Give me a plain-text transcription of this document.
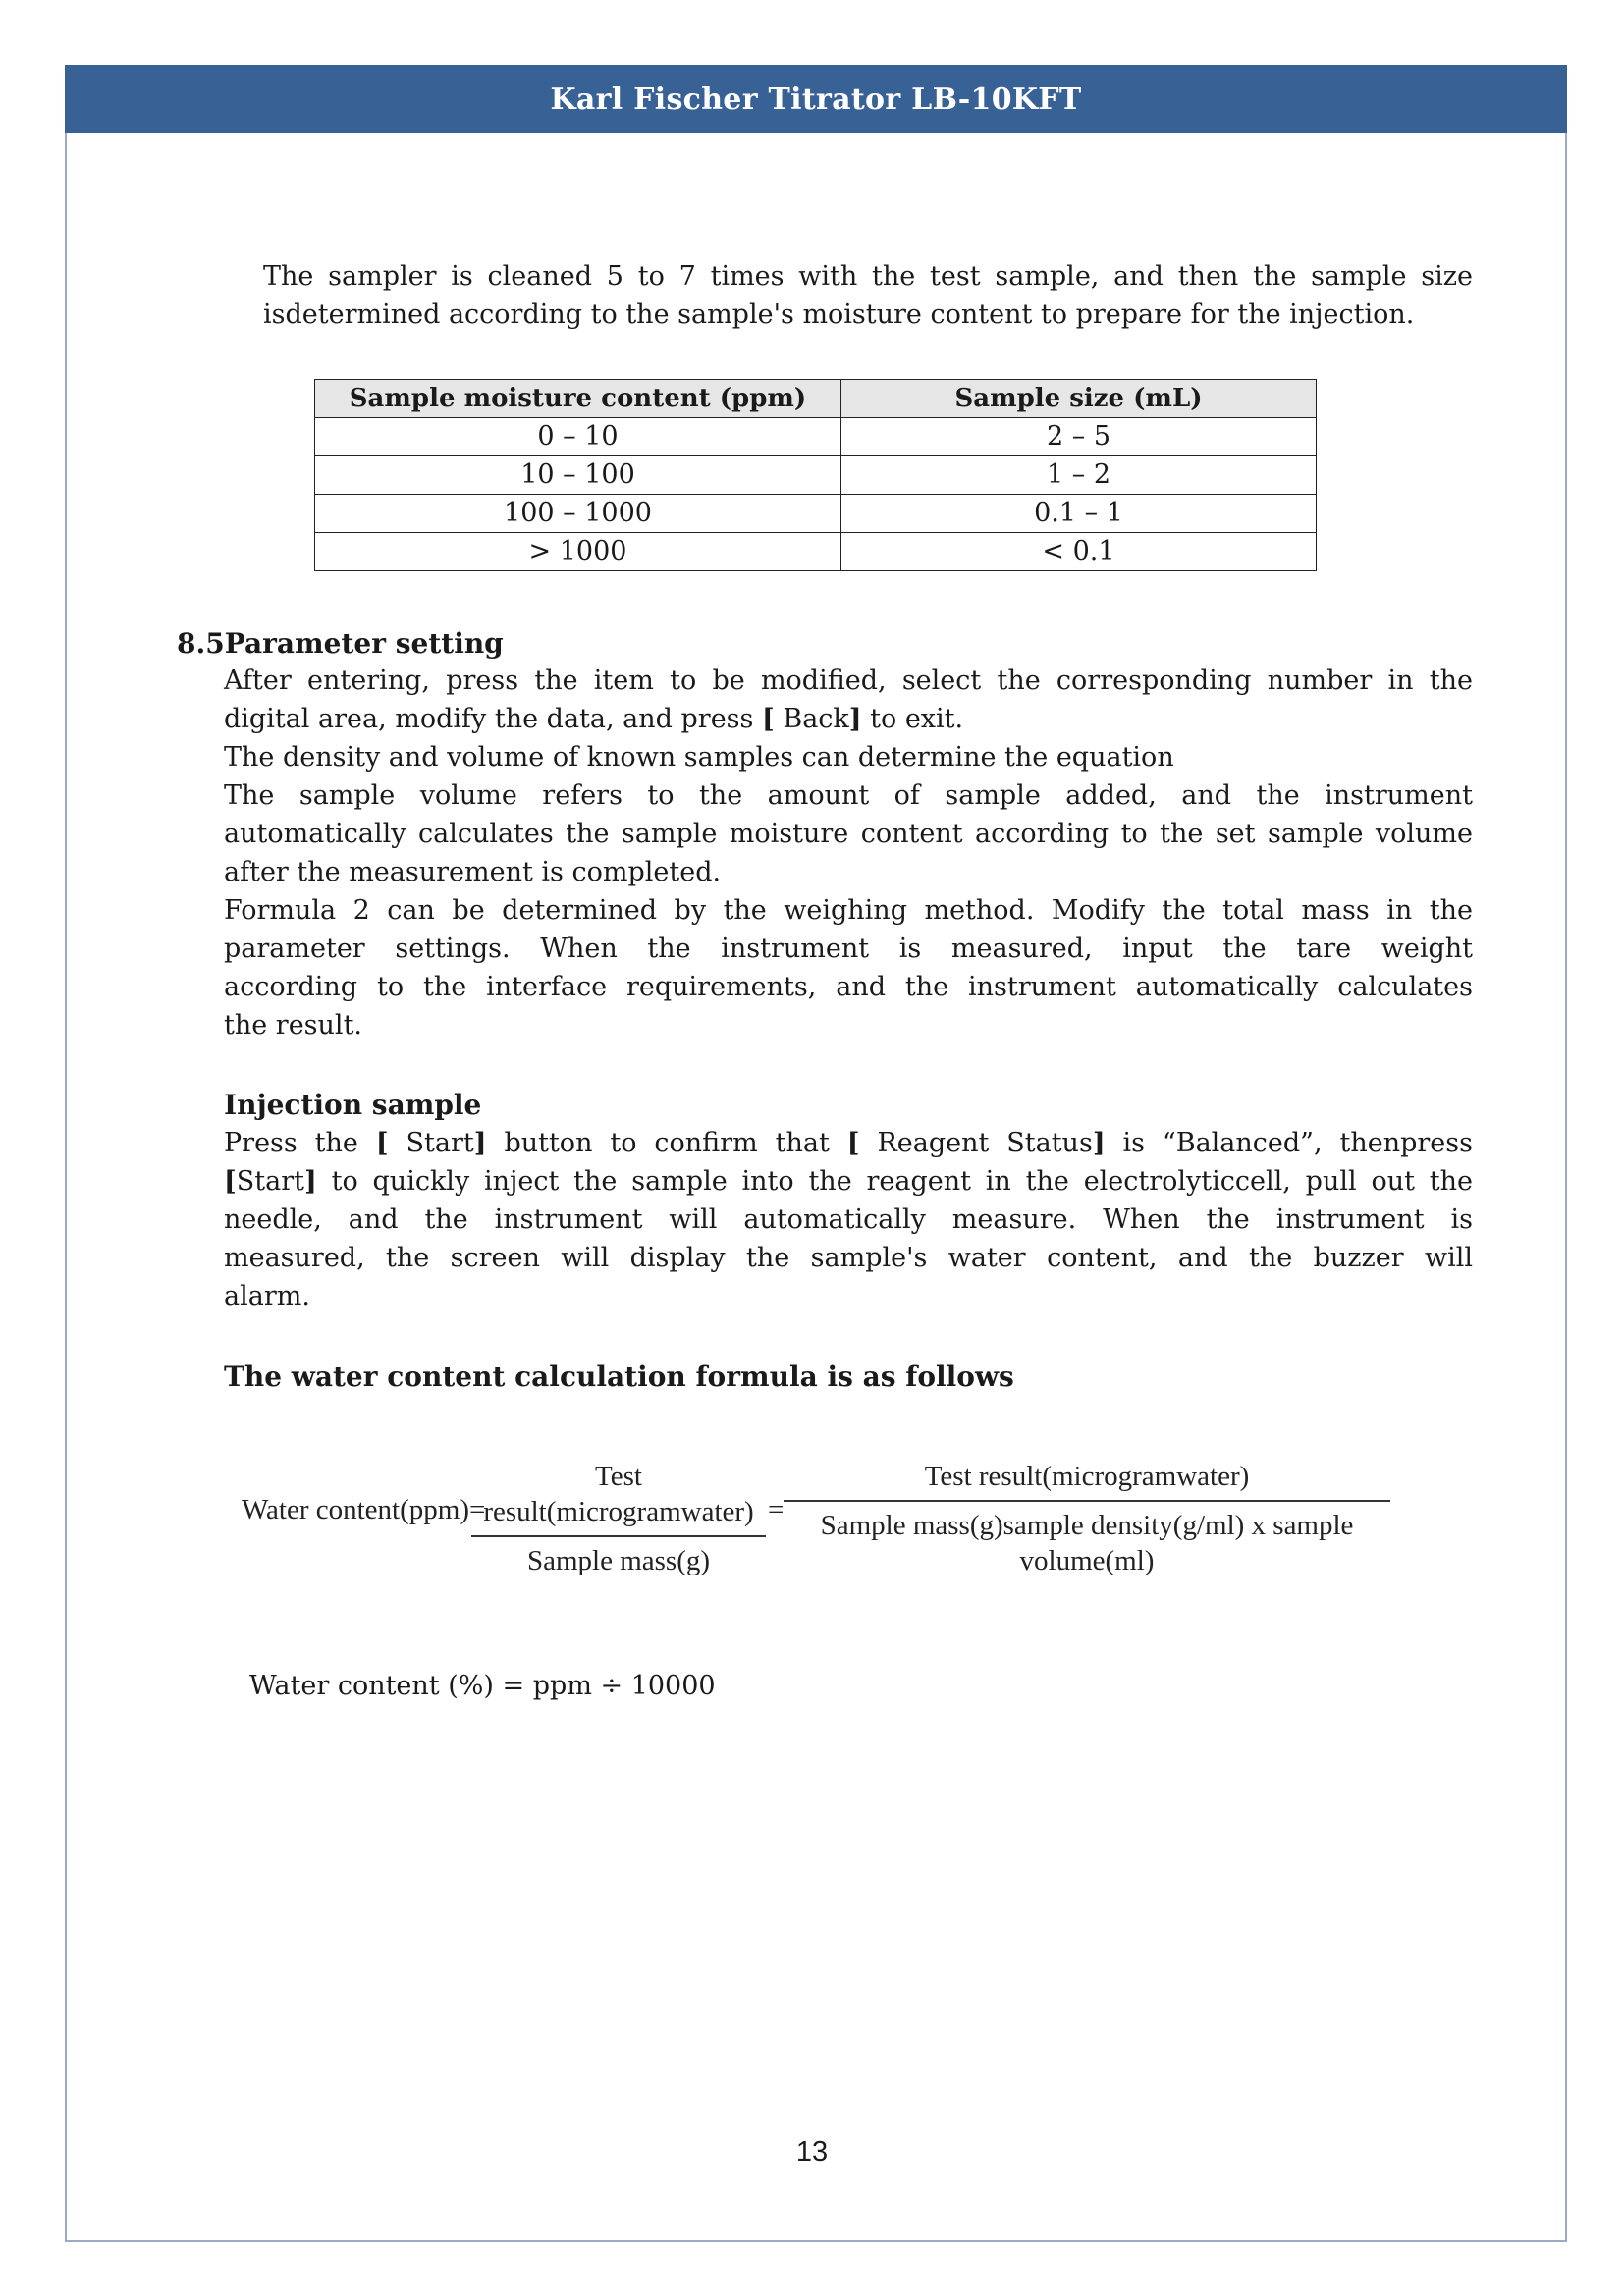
Karl Fischer Titrator LB-10KFT
The sampler is cleaned 5 to 7 times with the test sample, and then the sample size
isdetermined according to the sample's moisture content to prepare for the injection.
Sample moisture content (ppm)	Sample size (mL)
0 – 10	2 – 5
10 – 100	1 – 2
100 – 1000	0.1 – 1
> 1000	< 0.1
8.5Parameter setting
After entering, press the item to be modified, select the corresponding number in the
digital area, modify the data, and press [ Back] to exit.
The density and volume of known samples can determine the equation
The sample volume refers to the amount of sample added, and the instrument
automatically calculates the sample moisture content according to the set sample volume
after the measurement is completed.
Formula 2 can be determined by the weighing method. Modify the total mass in the
parameter settings. When the instrument is measured, input the tare weight
according to the interface requirements, and the instrument automatically calculates
the result.
Injection sample
Press the [ Start] button to confirm that [ Reagent Status] is “Balanced”, thenpress
[Start] to quickly inject the sample into the reagent in the electrolyticcell, pull out the
needle, and the instrument will automatically measure. When the instrument is
measured, the screen will display the sample's water content, and the buzzer will
alarm.
The water content calculation formula is as follows
Water content(ppm)=
Test result(microgramwater)
Sample mass(g)
=
Test result(microgramwater)
Sample mass(g)sample density(g/ml) x sample volume(ml)
Water content (%) = ppm ÷ 10000
13
